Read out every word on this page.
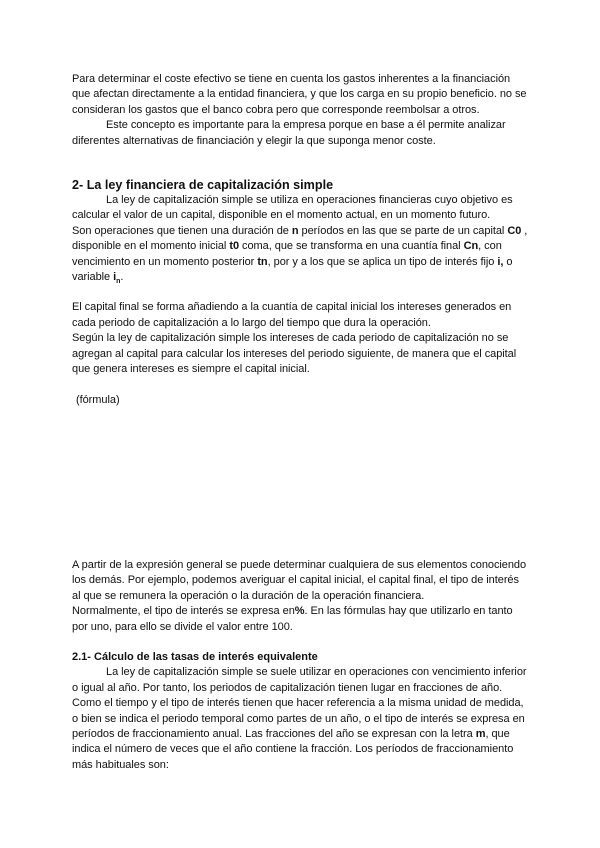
Para determinar el coste efectivo se tiene en cuenta los gastos inherentes a la financiación que afectan directamente a la entidad financiera, y que los carga en su propio beneficio. no se consideran los gastos que el banco cobra pero que corresponde reembolsar a otros.

Este concepto es importante para la empresa porque en base a él permite analizar diferentes alternativas de financiación y elegir la que suponga menor coste.

2- La ley financiera de capitalización simple

La ley de capitalización simple se utiliza en operaciones financieras cuyo objetivo es calcular el valor de un capital, disponible en el momento actual, en un momento futuro.

Son operaciones que tienen una duración de n períodos en las que se parte de un capital C0 , disponible en el momento inicial t0 coma, que se transforma en una cuantía final Cn, con vencimiento en un momento posterior tn, por y a los que se aplica un tipo de interés fijo i, o variable $i_n$.

El capital final se forma añadiendo a la cuantía de capital inicial los intereses generados en cada periodo de capitalización a lo largo del tiempo que dura la operación.

Según la ley de capitalización simple los intereses de cada periodo de capitalización no se agregan al capital para calcular los intereses del periodo siguiente, de manera que el capital que genera intereses es siempre el capital inicial.

(fórmula)

A partir de la expresión general se puede determinar cualquiera de sus elementos conociendo los demás. Por ejemplo, podemos averiguar el capital inicial, el capital final, el tipo de interés al que se remunera la operación o la duración de la operación financiera.

Normalmente, el tipo de interés se expresa en%. En las fórmulas hay que utilizarlo en tanto por uno, para ello se divide el valor entre 100.

2.1- Cálculo de las tasas de interés equivalente

La ley de capitalización simple se suele utilizar en operaciones con vencimiento inferior o igual al año. Por tanto, los periodos de capitalización tienen lugar en fracciones de año.

Como el tiempo y el tipo de interés tienen que hacer referencia a la misma unidad de medida, o bien se indica el periodo temporal como partes de un año, o el tipo de interés se expresa en períodos de fraccionamiento anual. Las fracciones del año se expresan con la letra m, que indica el número de veces que el año contiene la fracción. Los períodos de fraccionamiento más habituales son:
